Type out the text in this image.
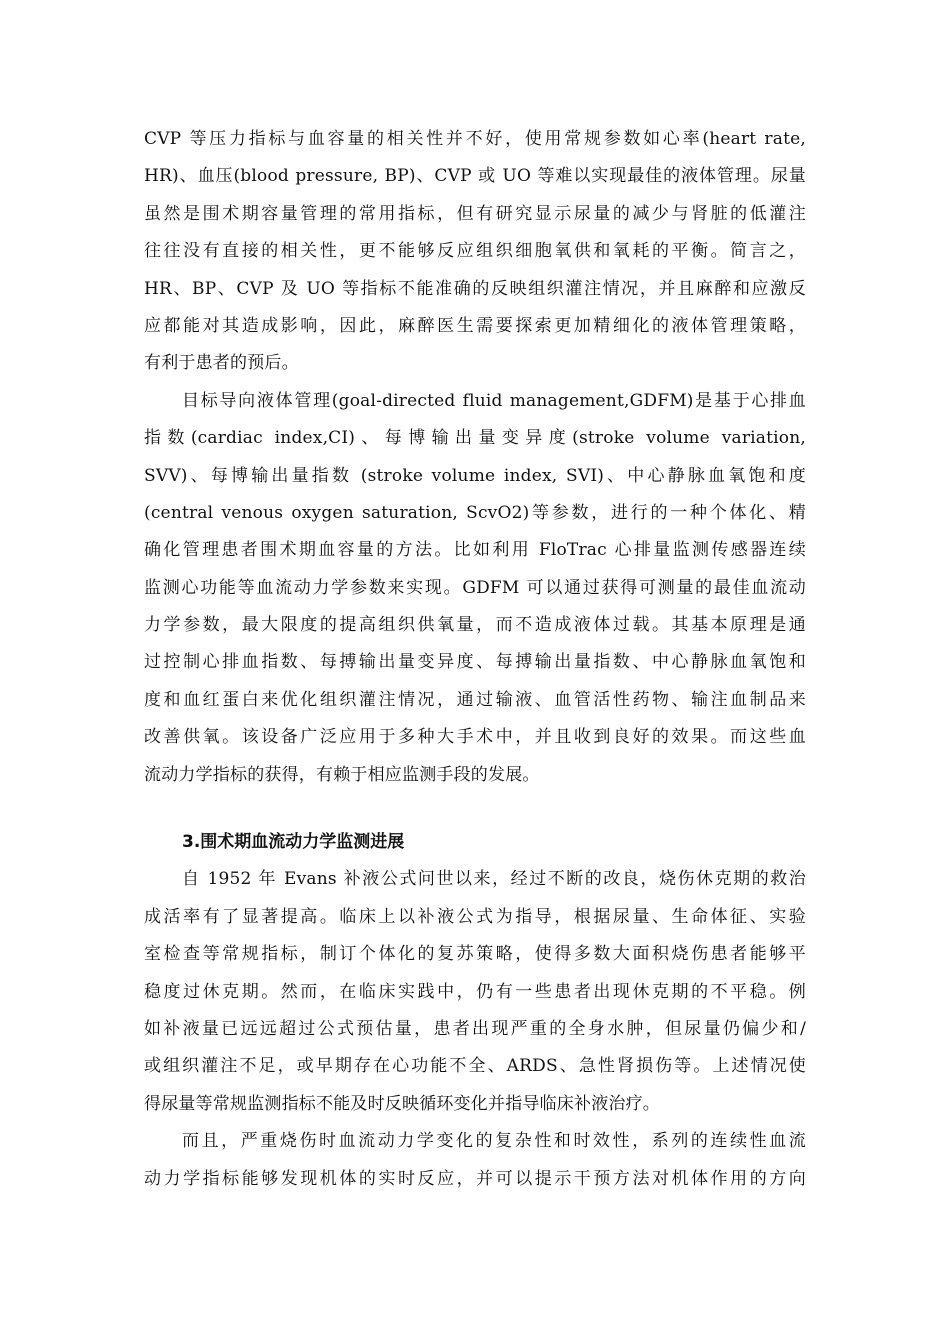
CVP 等压力指标与血容量的相关性并不好，使用常规参数如心率(heart rate,
HR)、血压(blood pressure, BP)、CVP 或 UO 等难以实现最佳的液体管理。尿量
虽然是围术期容量管理的常用指标，但有研究显示尿量的减少与肾脏的低灌注
往往没有直接的相关性，更不能够反应组织细胞氧供和氧耗的平衡。简言之，
HR、BP、CVP 及 UO 等指标不能准确的反映组织灌注情况，并且麻醉和应激反
应都能对其造成影响，因此，麻醉医生需要探索更加精细化的液体管理策略，
有利于患者的预后。
目标导向液体管理(goal-directed fluid management,GDFM)是基于心排血
指数(cardiac index,CI)、每博输出量变异度(stroke volume variation,
SVV)、每博输出量指数 (stroke volume index, SVI)、中心静脉血氧饱和度
(central venous oxygen saturation, ScvO2)等参数，进行的一种个体化、精
确化管理患者围术期血容量的方法。比如利用 FloTrac 心排量监测传感器连续
监测心功能等血流动力学参数来实现。GDFM 可以通过获得可测量的最佳血流动
力学参数，最大限度的提高组织供氧量，而不造成液体过载。其基本原理是通
过控制心排血指数、每搏输出量变异度、每搏输出量指数、中心静脉血氧饱和
度和血红蛋白来优化组织灌注情况，通过输液、血管活性药物、输注血制品来
改善供氧。该设备广泛应用于多种大手术中，并且收到良好的效果。而这些血
流动力学指标的获得，有赖于相应监测手段的发展。
3.围术期血流动力学监测进展
自 1952 年 Evans 补液公式问世以来，经过不断的改良，烧伤休克期的救治
成活率有了显著提高。临床上以补液公式为指导，根据尿量、生命体征、实验
室检查等常规指标，制订个体化的复苏策略，使得多数大面积烧伤患者能够平
稳度过休克期。然而，在临床实践中，仍有一些患者出现休克期的不平稳。例
如补液量已远远超过公式预估量，患者出现严重的全身水肿，但尿量仍偏少和/
或组织灌注不足，或早期存在心功能不全、ARDS、急性肾损伤等。上述情况使
得尿量等常规监测指标不能及时反映循环变化并指导临床补液治疗。
而且，严重烧伤时血流动力学变化的复杂性和时效性，系列的连续性血流
动力学指标能够发现机体的实时反应，并可以提示干预方法对机体作用的方向
